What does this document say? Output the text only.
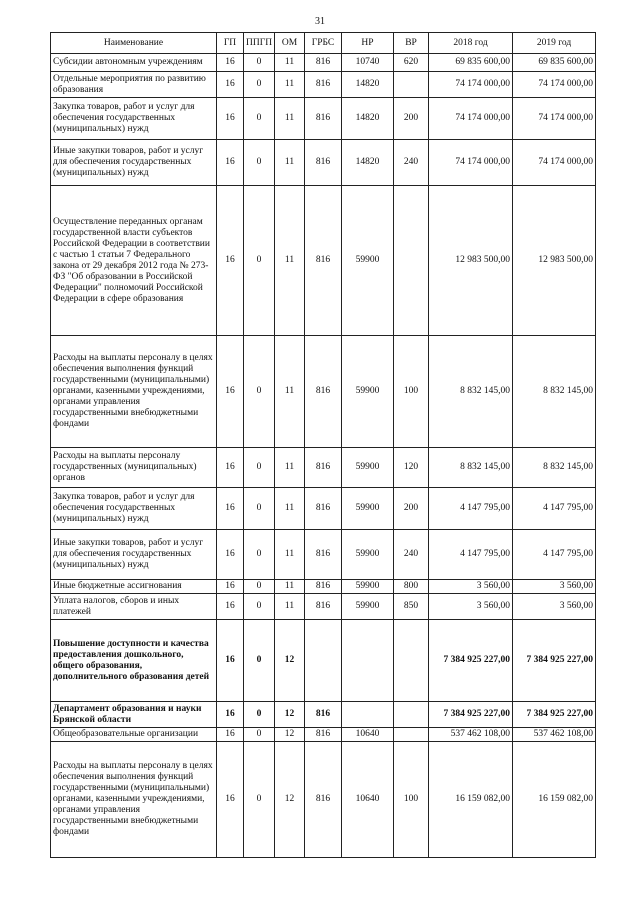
31
Наименование	ГП	ППГП	ОМ	ГРБС	НР	ВР	2018 год	2019 год
Субсидии автономным учреждениям	16	0	11	816	10740	620	69 835 600,00	69 835 600,00
Отдельные мероприятия по развитию образования	16	0	11	816	14820		74 174 000,00	74 174 000,00
Закупка товаров, работ и услуг для обеспечения государственных (муниципальных) нужд	16	0	11	816	14820	200	74 174 000,00	74 174 000,00
Иные закупки товаров, работ и услуг для обеспечения государственных (муниципальных) нужд	16	0	11	816	14820	240	74 174 000,00	74 174 000,00
Осуществление переданных органам государственной власти субъектов Российской Федерации в соответствии с частью 1 статьи 7 Федерального закона от 29 декабря 2012 года № 273-ФЗ "Об образовании в Российской Федерации" полномочий Российской Федерации в сфере образования	16	0	11	816	59900		12 983 500,00	12 983 500,00
Расходы на выплаты персоналу в целях обеспечения выполнения функций государственными (муниципальными) органами, казенными учреждениями, органами управления государственными внебюджетными фондами	16	0	11	816	59900	100	8 832 145,00	8 832 145,00
Расходы на выплаты персоналу государственных (муниципальных) органов	16	0	11	816	59900	120	8 832 145,00	8 832 145,00
Закупка товаров, работ и услуг для обеспечения государственных (муниципальных) нужд	16	0	11	816	59900	200	4 147 795,00	4 147 795,00
Иные закупки товаров, работ и услуг для обеспечения государственных (муниципальных) нужд	16	0	11	816	59900	240	4 147 795,00	4 147 795,00
Иные бюджетные ассигнования	16	0	11	816	59900	800	3 560,00	3 560,00
Уплата налогов, сборов и иных платежей	16	0	11	816	59900	850	3 560,00	3 560,00
Повышение доступности и качества предоставления дошкольного, общего образования, дополнительного образования детей	16	0	12				7 384 925 227,00	7 384 925 227,00
Департамент образования и науки Брянской области	16	0	12	816			7 384 925 227,00	7 384 925 227,00
Общеобразовательные организации	16	0	12	816	10640		537 462 108,00	537 462 108,00
Расходы на выплаты персоналу в целях обеспечения выполнения функций государственными (муниципальными) органами, казенными учреждениями, органами управления государственными внебюджетными фондами	16	0	12	816	10640	100	16 159 082,00	16 159 082,00
